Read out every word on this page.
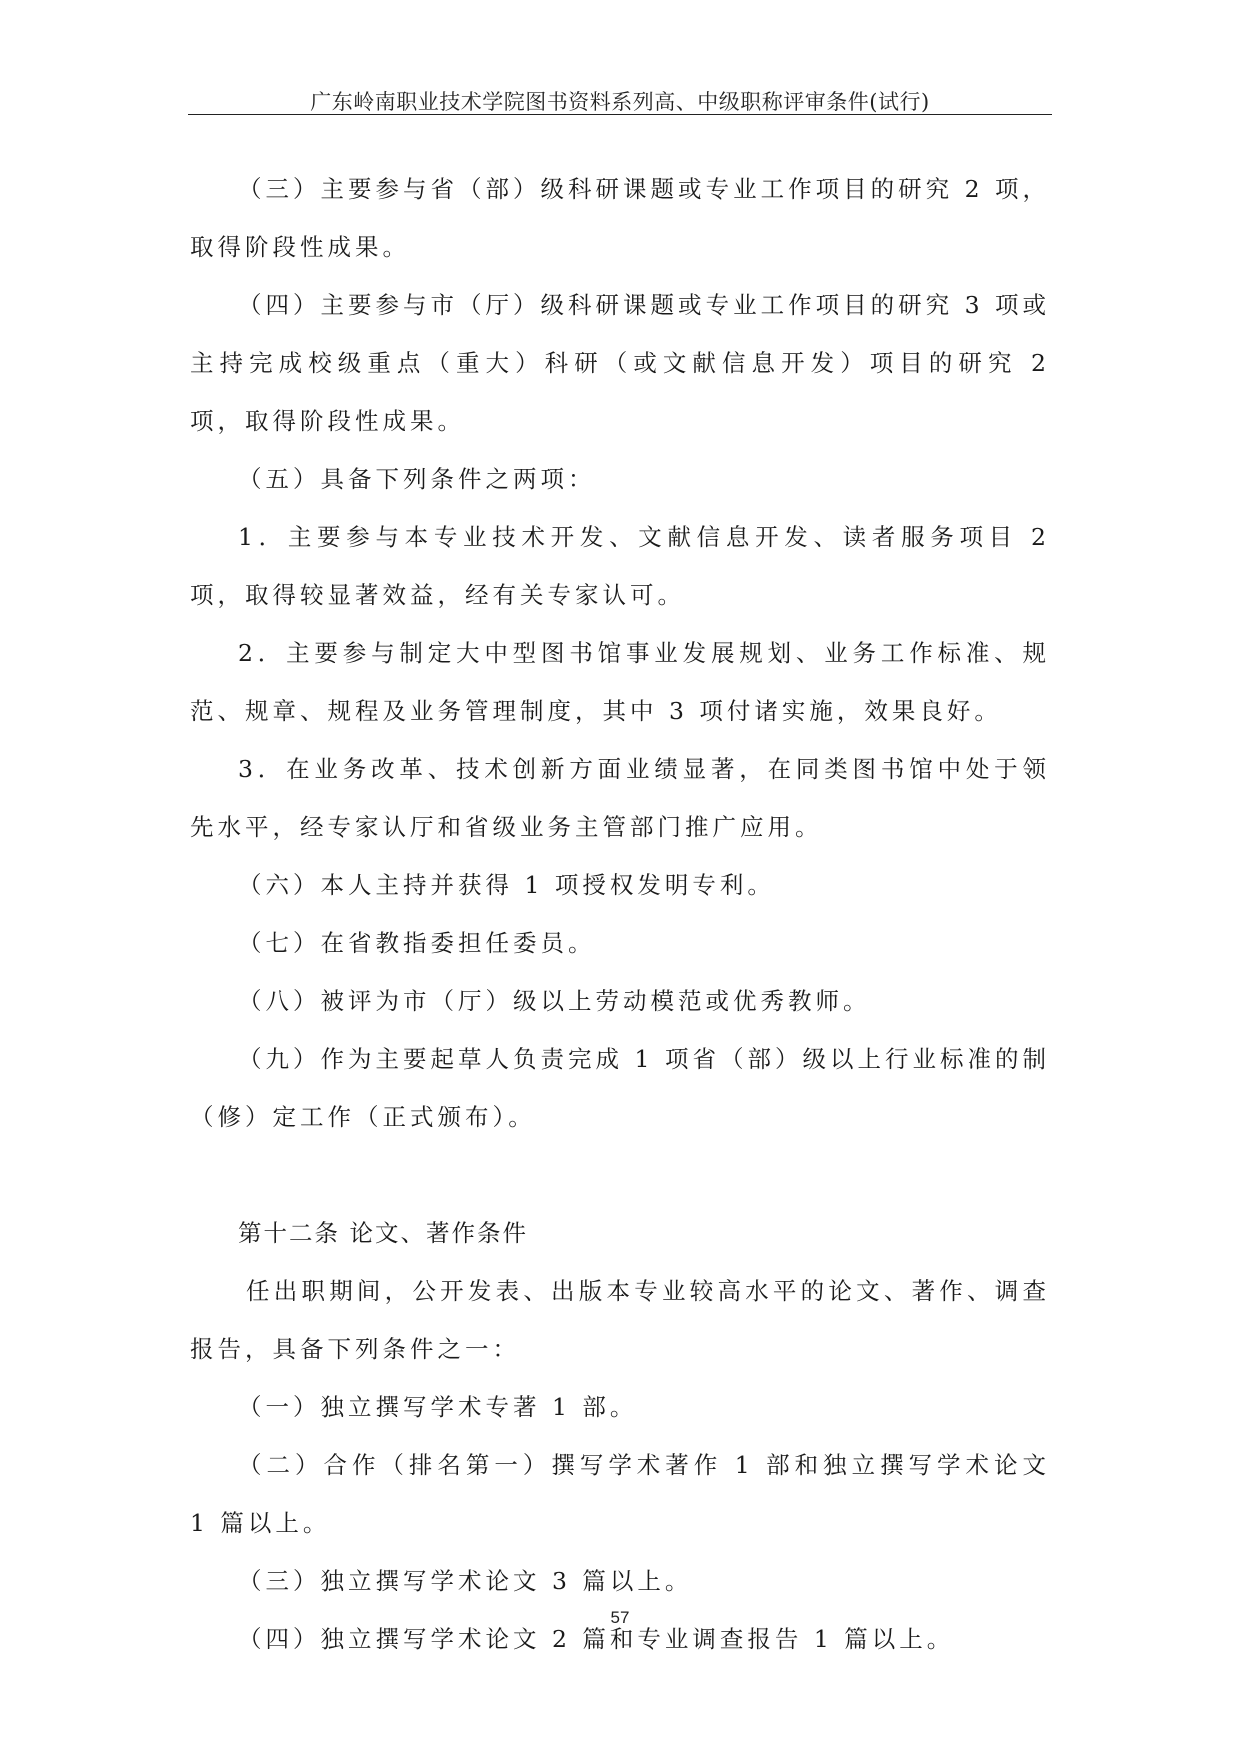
广东岭南职业技术学院图书资料系列高、中级职称评审条件(试行)

（三）主要参与省（部）级科研课题或专业工作项目的研究 2 项，取得阶段性成果。

（四）主要参与市（厅）级科研课题或专业工作项目的研究 3 项或主持完成校级重点（重大）科研（或文献信息开发）项目的研究 2 项，取得阶段性成果。

（五）具备下列条件之两项：

1．主要参与本专业技术开发、文献信息开发、读者服务项目 2 项，取得较显著效益，经有关专家认可。

2．主要参与制定大中型图书馆事业发展规划、业务工作标准、规范、规章、规程及业务管理制度，其中 3 项付诸实施，效果良好。

3．在业务改革、技术创新方面业绩显著，在同类图书馆中处于领先水平，经专家认厅和省级业务主管部门推广应用。

（六）本人主持并获得 1 项授权发明专利。

（七）在省教指委担任委员。

（八）被评为市（厅）级以上劳动模范或优秀教师。

（九）作为主要起草人负责完成 1 项省（部）级以上行业标准的制（修）定工作（正式颁布）。

第十二条 论文、著作条件

任出职期间，公开发表、出版本专业较高水平的论文、著作、调查报告，具备下列条件之一：

（一）独立撰写学术专著 1 部。

（二）合作（排名第一）撰写学术著作 1 部和独立撰写学术论文 1 篇以上。

（三）独立撰写学术论文 3 篇以上。

（四）独立撰写学术论文 2 篇和专业调查报告 1 篇以上。

57
